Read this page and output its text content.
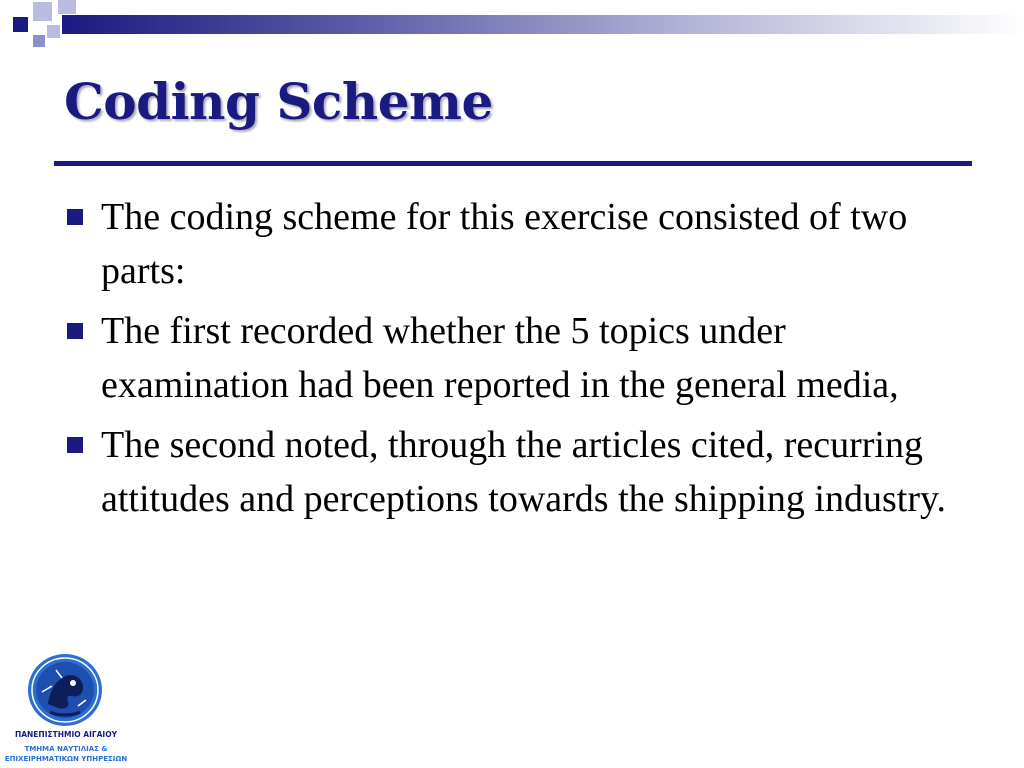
Coding Scheme
The coding scheme for this exercise consisted of two parts:
The first recorded whether the 5 topics under examination had been reported in the general media,
The second noted, through the articles cited, recurring attitudes and perceptions towards the shipping industry.
ΠΑΝΕΠΙΣΤΗΜΙΟ ΑΙΓΑΙΟΥ
ΤΜΗΜΑ ΝΑΥΤΙΛΙΑΣ &
ΕΠΙΧΕΙΡΗΜΑΤΙΚΩΝ ΥΠΗΡΕΣΙΩΝ
